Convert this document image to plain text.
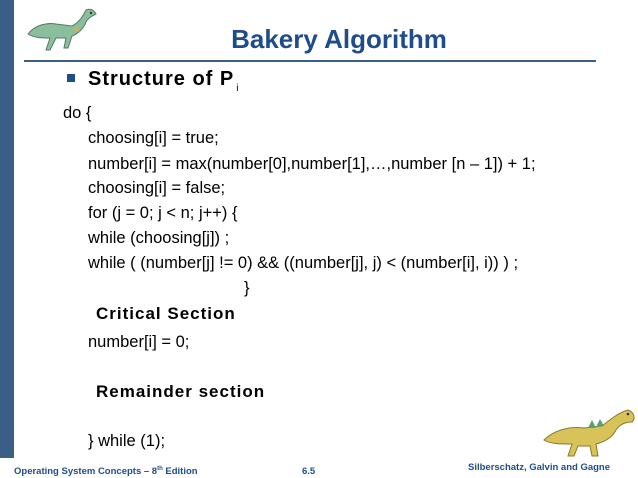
Bakery Algorithm
Structure of P $_i$
do {
choosing[i] = true;
number[i] = max(number[0],number[1],…,number [n – 1]) + 1;
choosing[i] = false;
for (j = 0; j < n; j++) {
while (choosing[j]) ;
while ( (number[j] != 0) && ((number[j], j) < (number[i], i)) ) ;
}
Critical Section
number[i] = 0;
Remainder section
} while (1);
Operating System Concepts – 8th Edition	6.5	Silberschatz, Galvin and Gagne
